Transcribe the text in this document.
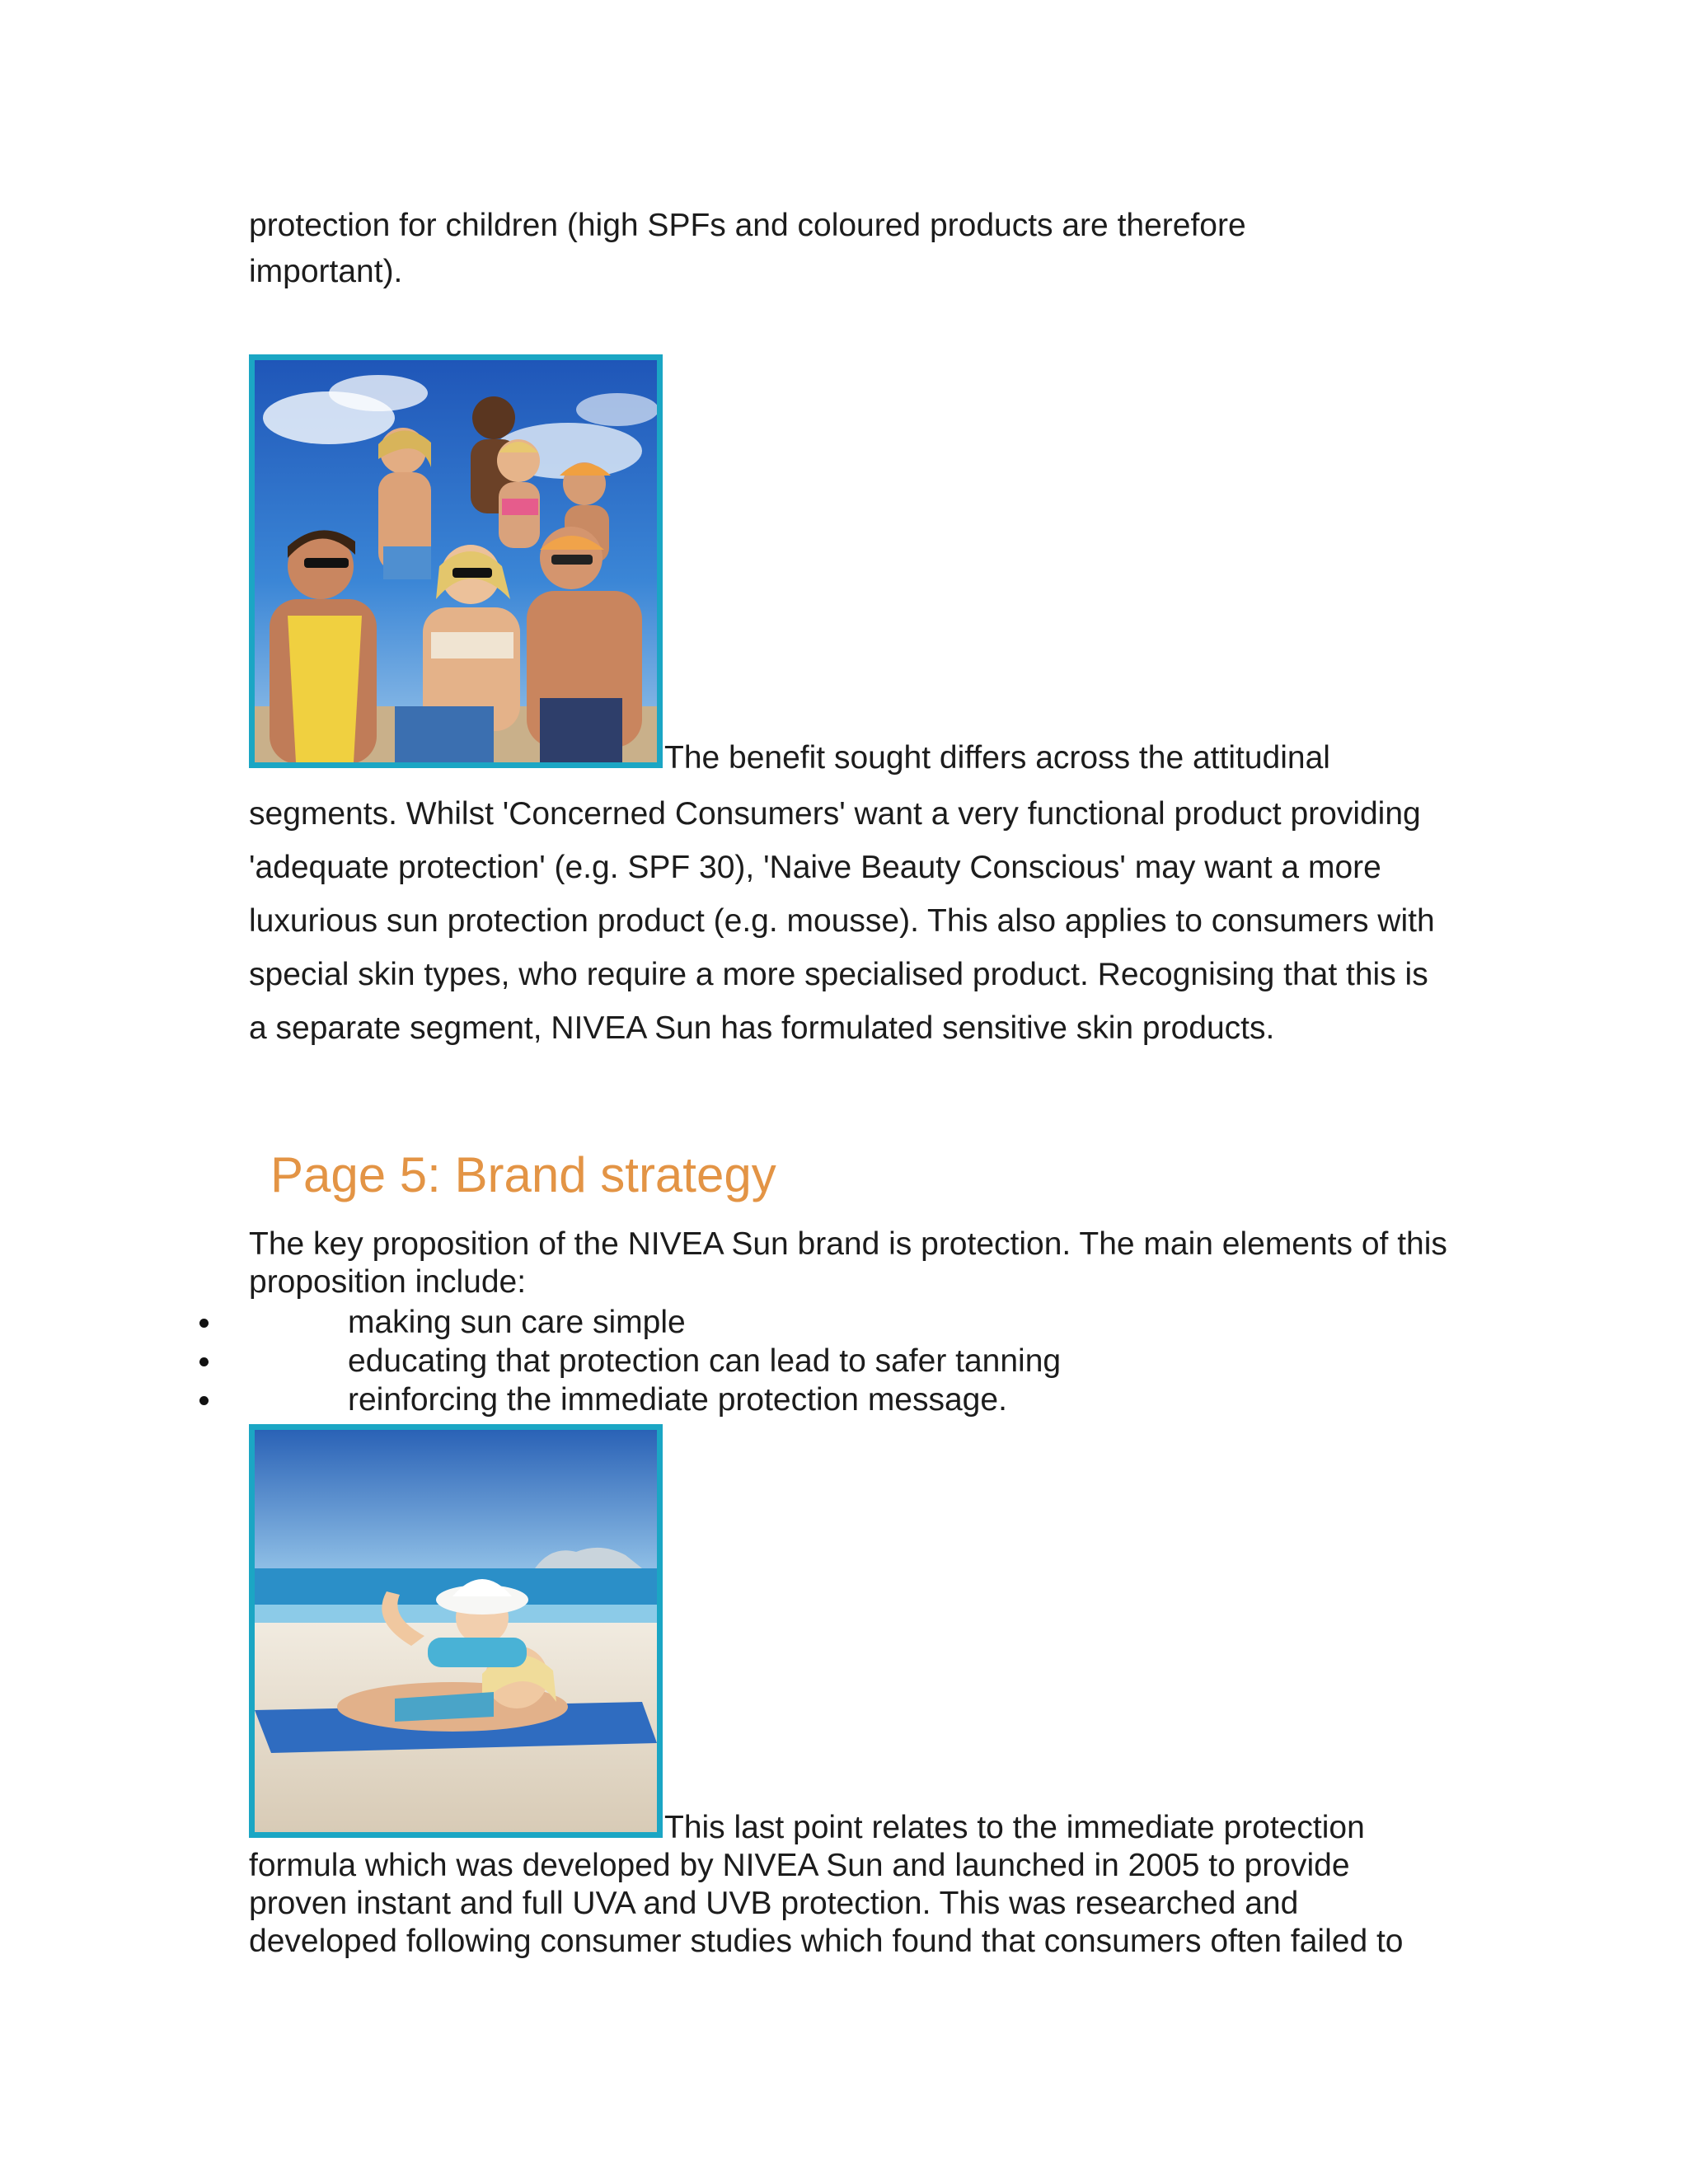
protection for children (high SPFs and coloured products are therefore
important).

The benefit sought differs across the attitudinal

segments. Whilst 'Concerned Consumers' want a very functional product providing 'adequate protection' (e.g. SPF 30), 'Naive Beauty Conscious' may want a more luxurious sun protection product (e.g. mousse). This also applies to consumers with special skin types, who require a more specialised product. Recognising that this is a separate segment, NIVEA Sun has formulated sensitive skin products.

Page 5: Brand strategy

The key proposition of the NIVEA Sun brand is protection. The main elements of this proposition include:

making sun care simple
educating that protection can lead to safer tanning
reinforcing the immediate protection message.

This last point relates to the immediate protection

formula which was developed by NIVEA Sun and launched in 2005 to provide proven instant and full UVA and UVB protection. This was researched and developed following consumer studies which found that consumers often failed to
